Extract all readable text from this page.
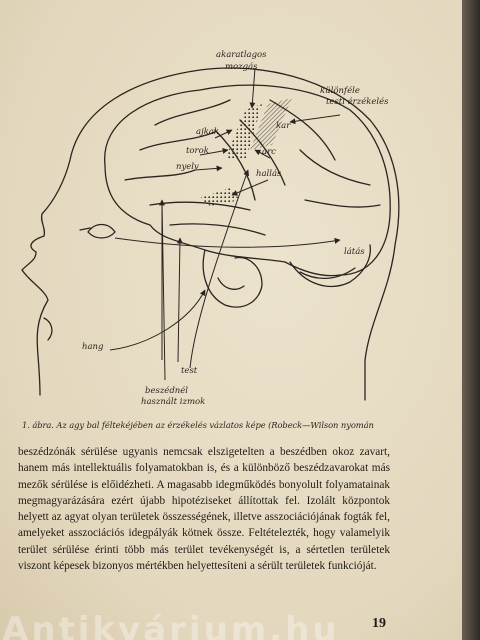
akaratlagos
mozgás
különféle
testi érzékelés
ajkak
kar
torok	arc
nyelv
hallás
látás
hang
test
beszédnél
használt izmok
1. ábra. Az agy bal féltekéjében az érzékelés vázlatos képe (Robeck—Wilson nyomán

beszédzónák sérülése ugyanis nemcsak elszigetelten a beszédben okoz zavart, hanem más intellektuális folyamatokban is, és a különböző beszédzavarokat más mezők sérülése is előidézheti. A magasabb idegműködés bonyolult folyamatainak megmagyarázására ezért újabb hipotéziseket állítottak fel. Izolált központok helyett az agyat olyan területek összességének, illetve asszociációjának fogták fel, amelyeket asszociációs idegpályák kötnek össze. Feltételezték, hogy valamelyik terület sérülése érinti több más terület tevékenységét is, a sértetlen területek viszont képesek bizonyos mértékben helyettesíteni a sérült területek funkcióját.

19
Antikvárium.hu
